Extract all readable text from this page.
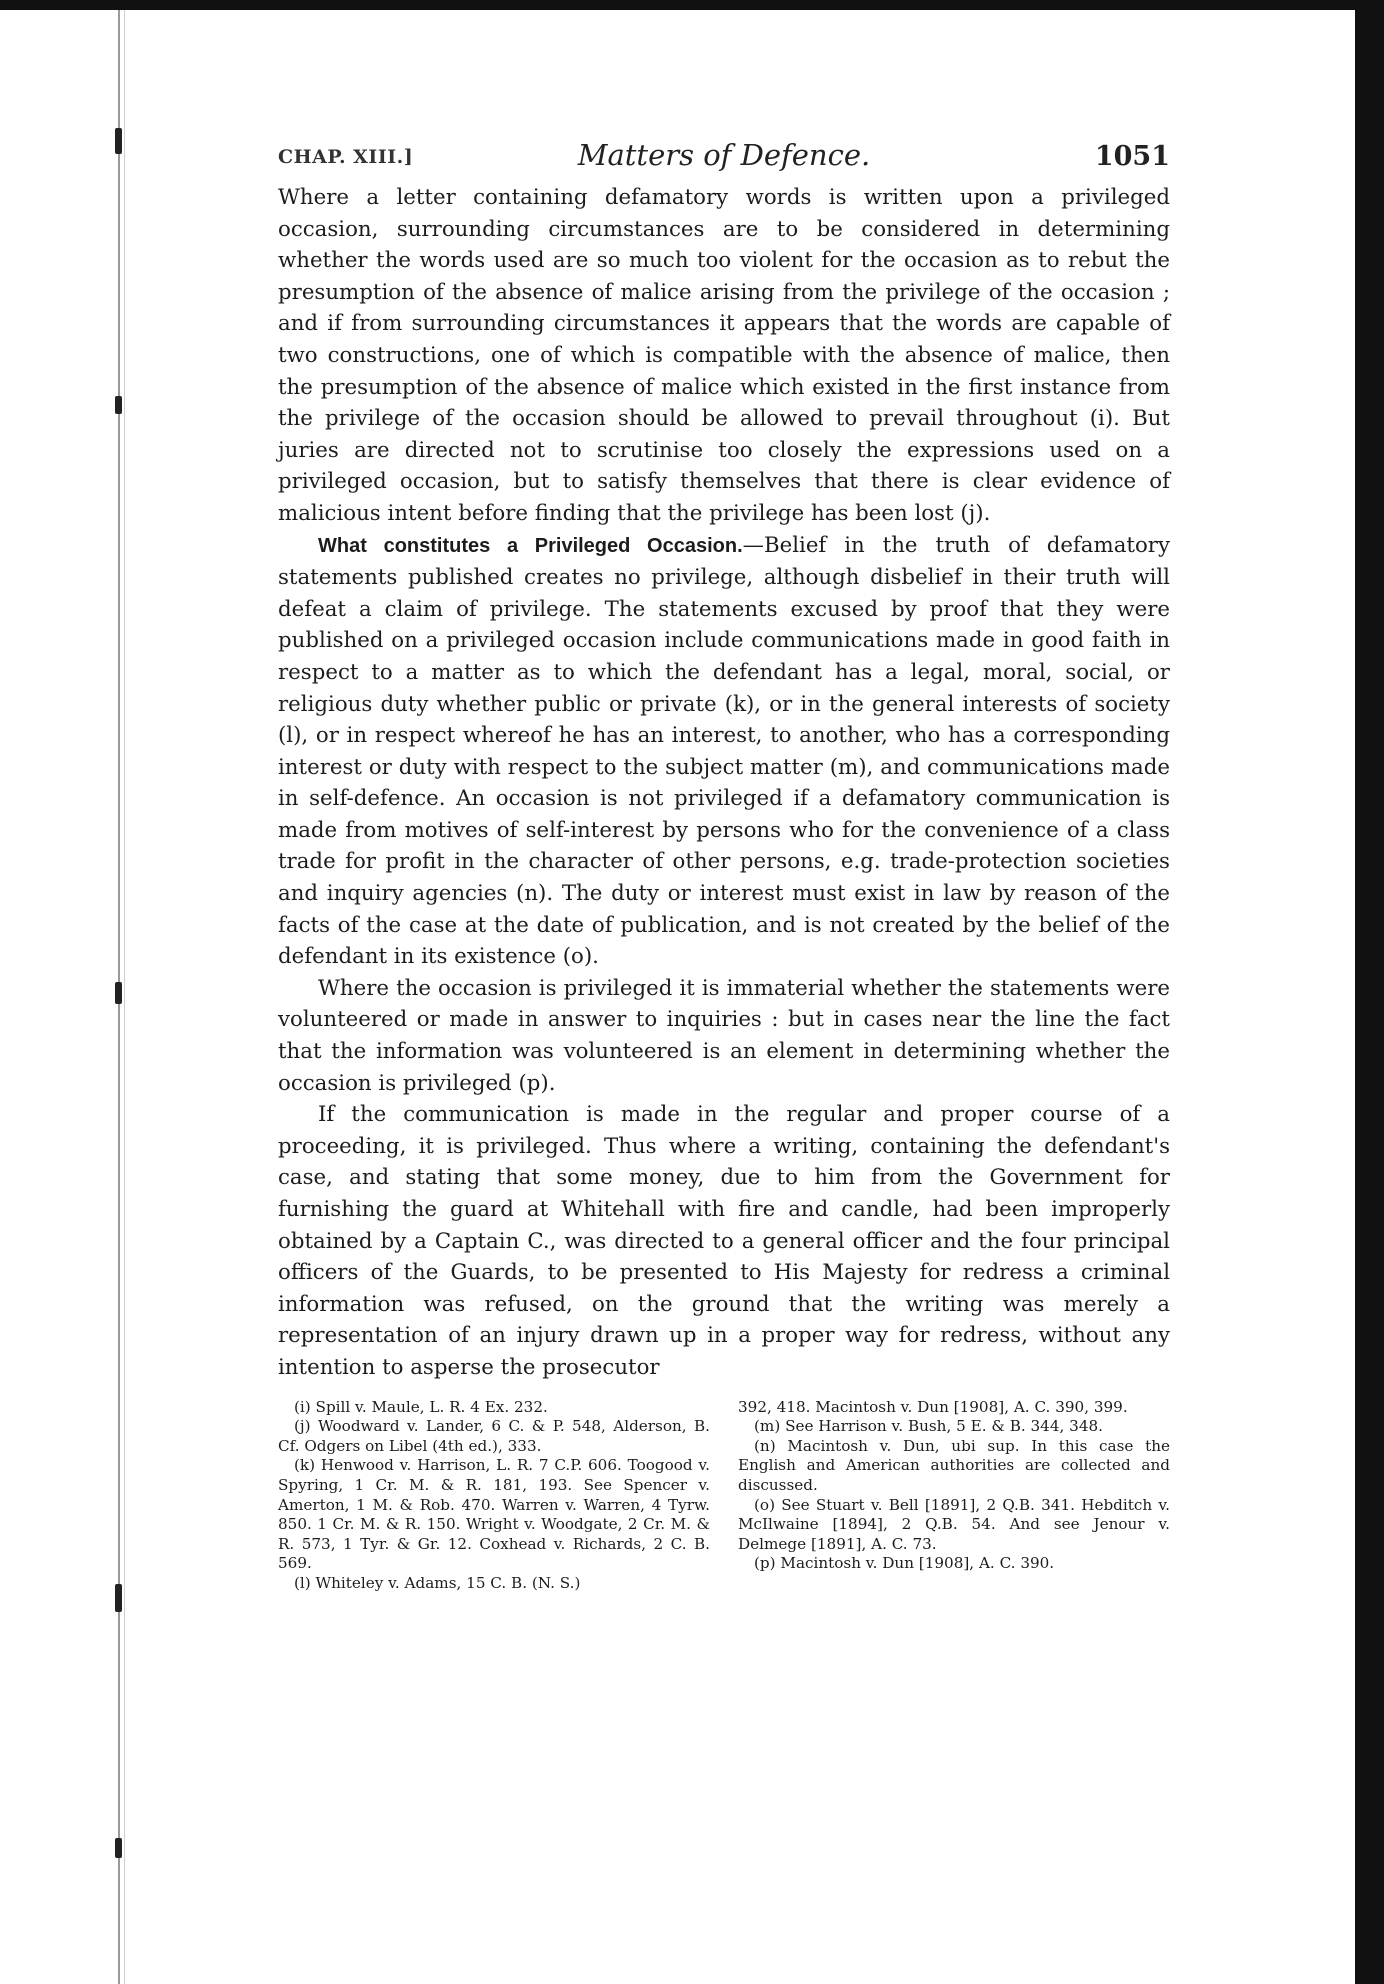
CHAP. XIII.]	Matters of Defence.	1051

Where a letter containing defamatory words is written upon a privileged occasion, surrounding circumstances are to be considered in determining whether the words used are so much too violent for the occasion as to rebut the presumption of the absence of malice arising from the privilege of the occasion ; and if from surrounding circumstances it appears that the words are capable of two constructions, one of which is compatible with the absence of malice, then the presumption of the absence of malice which existed in the first instance from the privilege of the occasion should be allowed to prevail throughout (i). But juries are directed not to scrutinise too closely the expressions used on a privileged occasion, but to satisfy themselves that there is clear evidence of malicious intent before finding that the privilege has been lost (j).

What constitutes a Privileged Occasion.—Belief in the truth of defamatory statements published creates no privilege, although disbelief in their truth will defeat a claim of privilege. The statements excused by proof that they were published on a privileged occasion include communications made in good faith in respect to a matter as to which the defendant has a legal, moral, social, or religious duty whether public or private (k), or in the general interests of society (l), or in respect whereof he has an interest, to another, who has a corresponding interest or duty with respect to the subject matter (m), and communications made in self-defence. An occasion is not privileged if a defamatory communication is made from motives of self-interest by persons who for the convenience of a class trade for profit in the character of other persons, e.g. trade-protection societies and inquiry agencies (n). The duty or interest must exist in law by reason of the facts of the case at the date of publication, and is not created by the belief of the defendant in its existence (o).

Where the occasion is privileged it is immaterial whether the statements were volunteered or made in answer to inquiries : but in cases near the line the fact that the information was volunteered is an element in determining whether the occasion is privileged (p).

If the communication is made in the regular and proper course of a proceeding, it is privileged. Thus where a writing, containing the defendant's case, and stating that some money, due to him from the Government for furnishing the guard at Whitehall with fire and candle, had been improperly obtained by a Captain C., was directed to a general officer and the four principal officers of the Guards, to be presented to His Majesty for redress a criminal information was refused, on the ground that the writing was merely a representation of an injury drawn up in a proper way for redress, without any intention to asperse the prosecutor

(i) Spill v. Maule, L. R. 4 Ex. 232.

(j) Woodward v. Lander, 6 C. & P. 548, Alderson, B. Cf. Odgers on Libel (4th ed.), 333.

(k) Henwood v. Harrison, L. R. 7 C.P. 606. Toogood v. Spyring, 1 Cr. M. & R. 181, 193. See Spencer v. Amerton, 1 M. & Rob. 470. Warren v. Warren, 4 Tyrw. 850. 1 Cr. M. & R. 150. Wright v. Woodgate, 2 Cr. M. & R. 573, 1 Tyr. & Gr. 12. Coxhead v. Richards, 2 C. B. 569.

(l) Whiteley v. Adams, 15 C. B. (N. S.)

392, 418. Macintosh v. Dun [1908], A. C. 390, 399.

(m) See Harrison v. Bush, 5 E. & B. 344, 348.

(n) Macintosh v. Dun, ubi sup. In this case the English and American authorities are collected and discussed.

(o) See Stuart v. Bell [1891], 2 Q.B. 341. Hebditch v. McIlwaine [1894], 2 Q.B. 54. And see Jenour v. Delmege [1891], A. C. 73.

(p) Macintosh v. Dun [1908], A. C. 390.
